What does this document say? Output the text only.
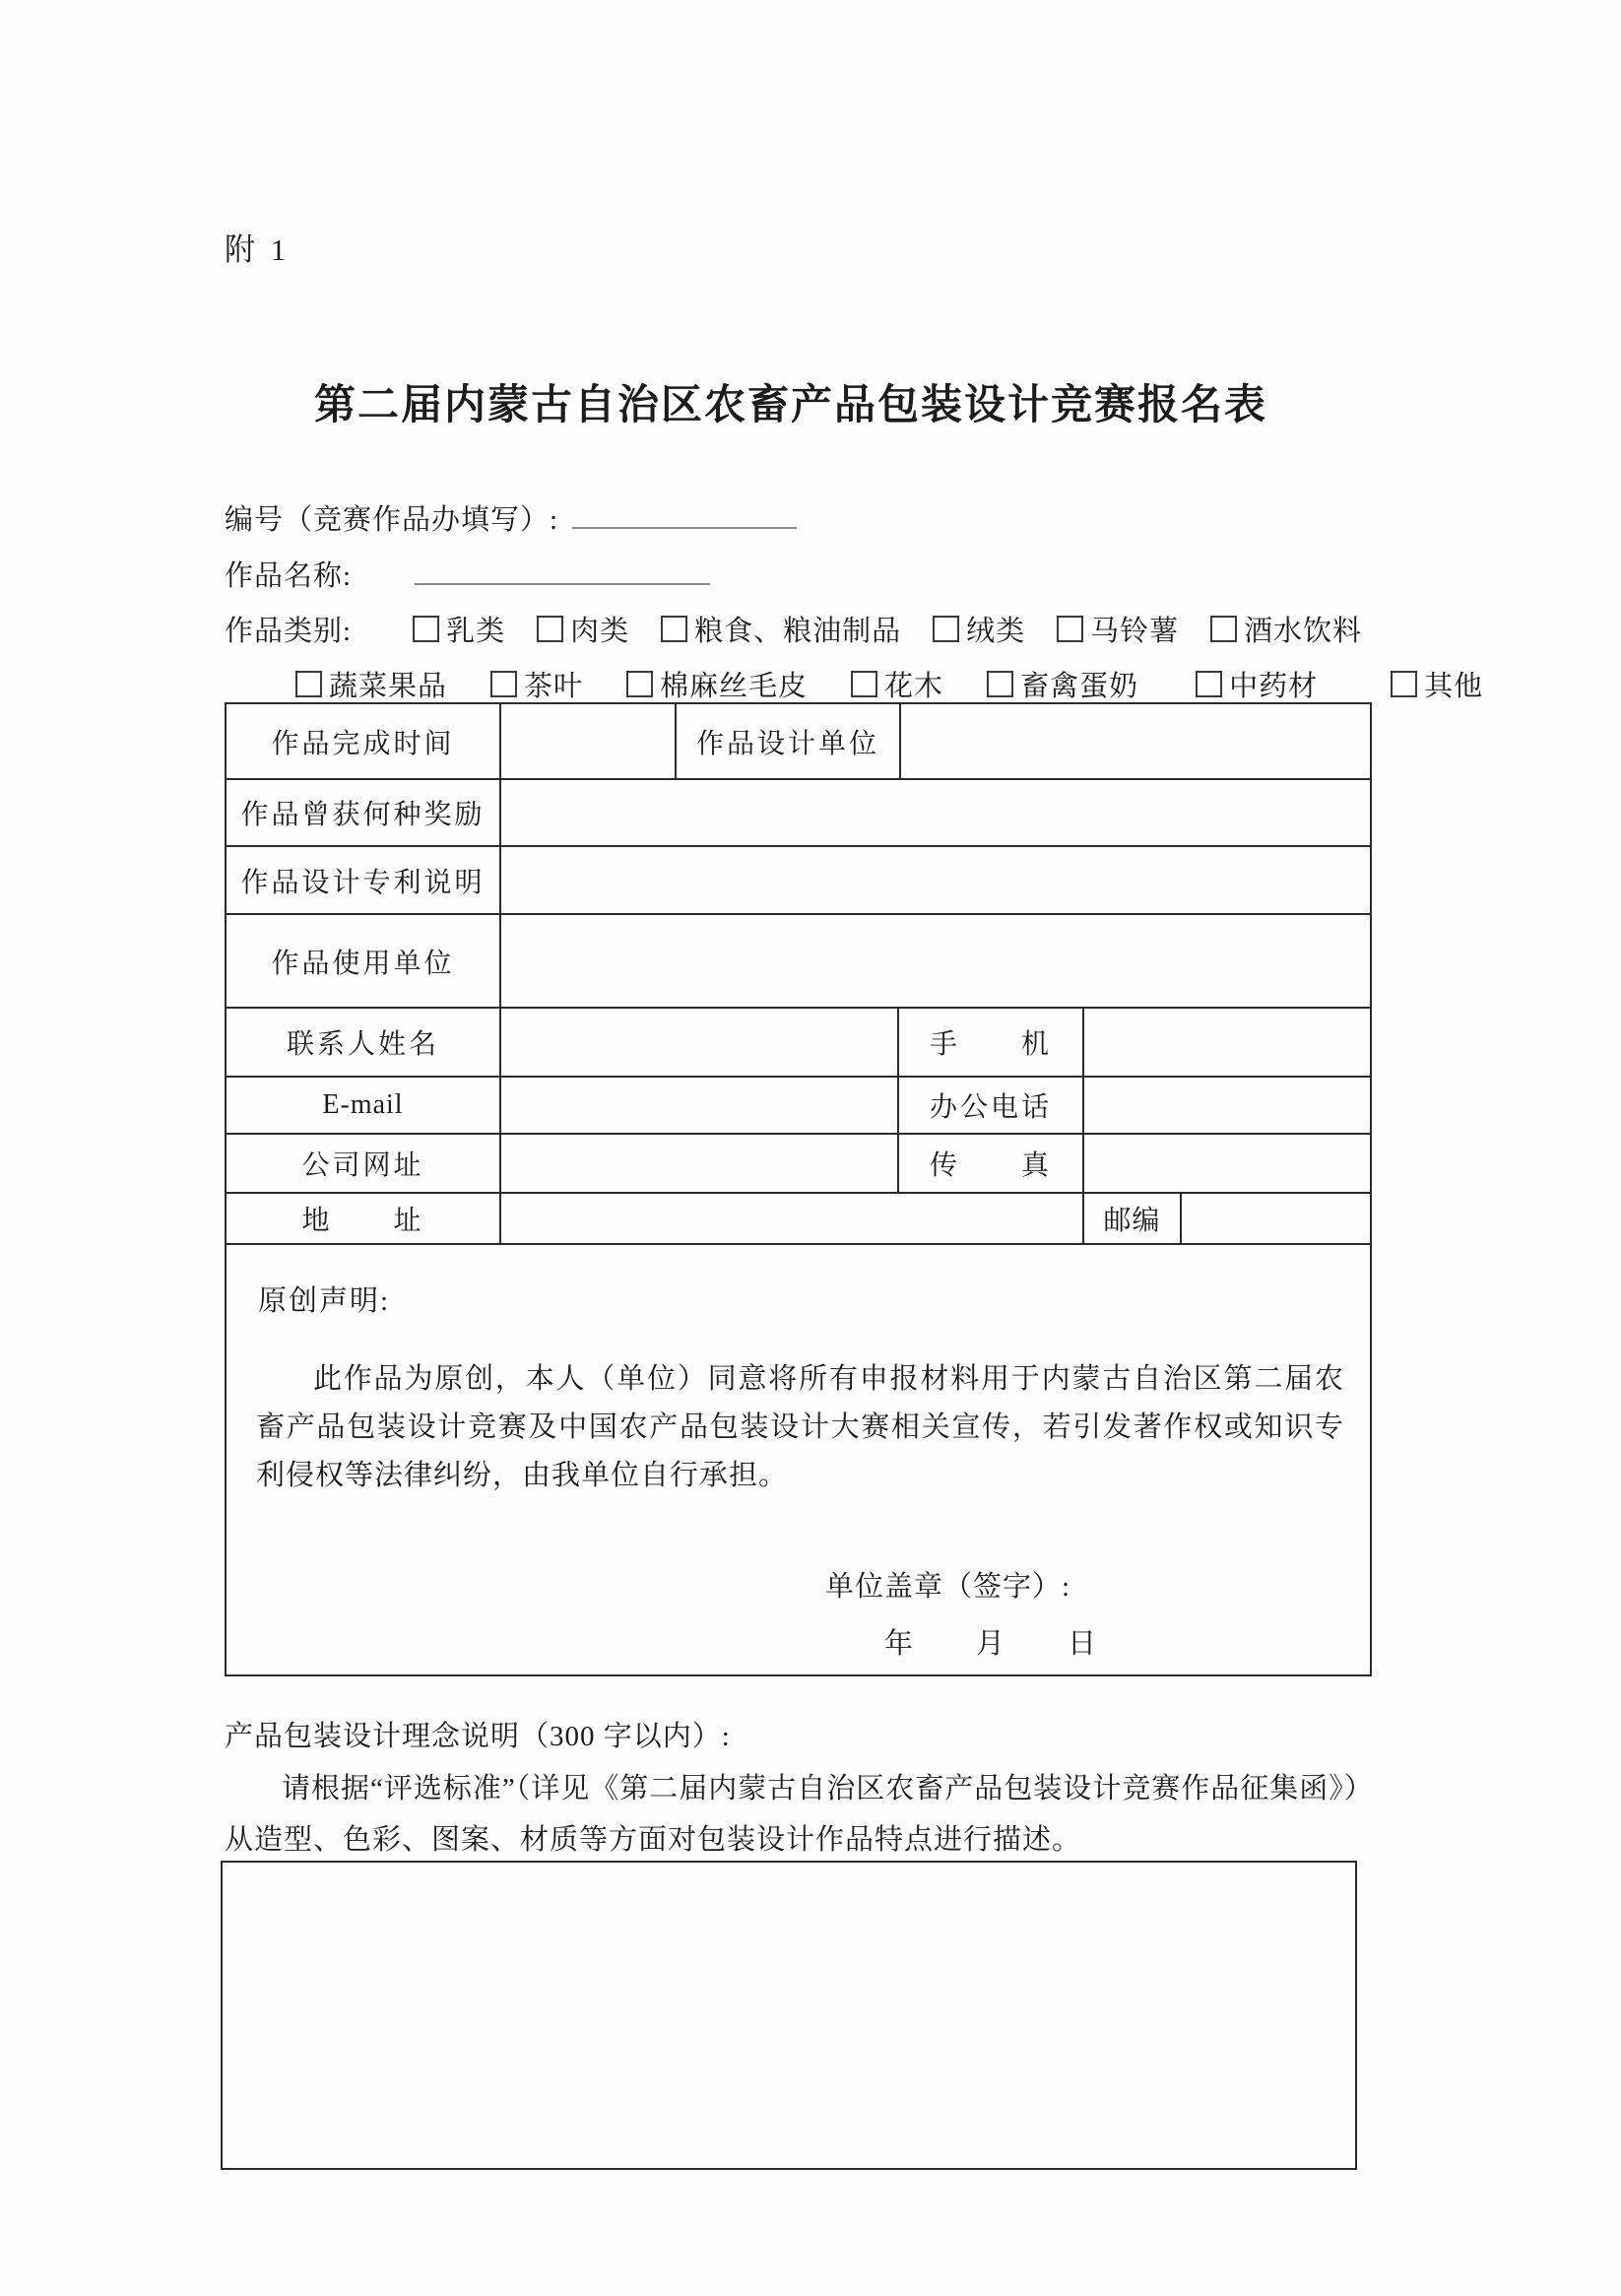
附 1
第二届内蒙古自治区农畜产品包装设计竞赛报名表
编号（竞赛作品办填写）:
作品名称:
作品类别:	乳类 肉类 粮食、粮油制品 绒类 马铃薯 酒水饮料
蔬菜果品	茶叶	棉麻丝毛皮	花木	畜禽蛋奶	中药材	其他
作品完成时间	作品设计单位
作品曾获何种奖励
作品设计专利说明
作品使用单位
联系人姓名	手　　机
E-mail	办公电话
公司网址	传　　真
地　　址	邮编
原创声明:

此作品为原创，本人（单位）同意将所有申报材料用于内蒙古自治区第二届农畜产品包装设计竞赛及中国农产品包装设计大赛相关宣传，若引发著作权或知识专利侵权等法律纠纷，由我单位自行承担。

单位盖章（签字）:
年　　月　　日
产品包装设计理念说明（300 字以内）:
请根据“评选标准”（详见《第二届内蒙古自治区农畜产品包装设计竞赛作品征集函》）
从造型、色彩、图案、材质等方面对包装设计作品特点进行描述。
